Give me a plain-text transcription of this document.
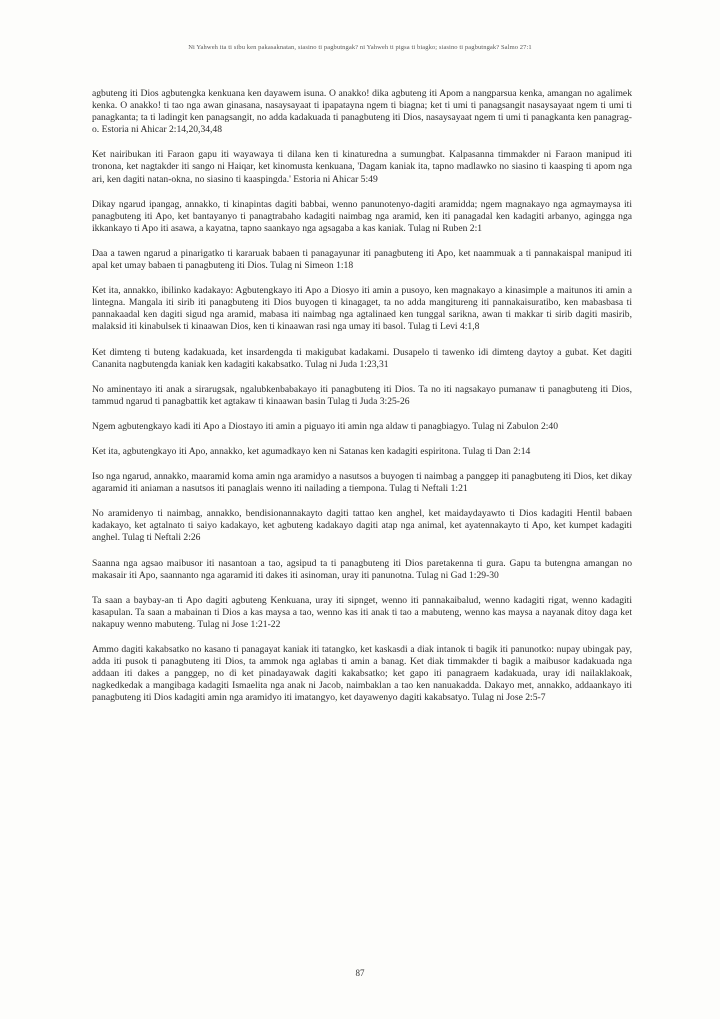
Ni Yahweh ita ti sibu ken pakasaknatan, siasino ti pagbutngak? ni Yahweh ti pigsa ti biagko; siasino ti pagbutngak? Salmo 27:1

agbuteng iti Dios agbutengka kenkuana ken dayawem isuna. O anakko! dika agbuteng iti Apom a nangparsua kenka, amangan no agalimek kenka. O anakko! ti tao nga awan ginasana, nasaysayaat ti ipapatayna ngem ti biagna; ket ti umi ti panagsangit nasaysayaat ngem ti umi ti panagkanta; ta ti ladingit ken panagsangit, no adda kadakuada ti panagbuteng iti Dios, nasaysayaat ngem ti umi ti panagkanta ken panagrag-o. Estoria ni Ahicar 2:14,20,34,48

Ket nairibukan iti Faraon gapu iti wayawaya ti dilana ken ti kinaturedna a sumungbat. Kalpasanna timmakder ni Faraon manipud iti tronona, ket nagtakder iti sango ni Haiqar, ket kinomusta kenkuana, 'Dagam kaniak ita, tapno madlawko no siasino ti kaasping ti apom nga ari, ken dagiti natan-okna, no siasino ti kaaspingda.' Estoria ni Ahicar 5:49

Dikay ngarud ipangag, annakko, ti kinapintas dagiti babbai, wenno panunotenyo-dagiti aramidda; ngem magnakayo nga agmaymaysa iti panagbuteng iti Apo, ket bantayanyo ti panagtrabaho kadagiti naimbag nga aramid, ken iti panagadal ken kadagiti arbanyo, agingga nga ikkankayo ti Apo iti asawa, a kayatna, tapno saankayo nga agsagaba a kas kaniak. Tulag ni Ruben 2:1

Daa a tawen ngarud a pinarigatko ti kararuak babaen ti panagayunar iti panagbuteng iti Apo, ket naammuak a ti pannakaispal manipud iti apal ket umay babaen ti panagbuteng iti Dios. Tulag ni Simeon 1:18

Ket ita, annakko, ibilinko kadakayo: Agbutengkayo iti Apo a Diosyo iti amin a pusoyo, ken magnakayo a kinasimple a maitunos iti amin a lintegna. Mangala iti sirib iti panagbuteng iti Dios buyogen ti kinagaget, ta no adda mangitureng iti pannakaisuratibo, ken mabasbasa ti pannakaadal ken dagiti sigud nga aramid, mabasa iti naimbag nga agtalinaed ken tunggal sarikna, awan ti makkar ti sirib dagiti masirib, malaksid iti kinabulsek ti kinaawan Dios, ken ti kinaawan rasi nga umay iti basol. Tulag ti Levi 4:1,8

Ket dimteng ti buteng kadakuada, ket insardengda ti makigubat kadakami. Dusapelo ti tawenko idi dimteng daytoy a gubat. Ket dagiti Cananita nagbutengda kaniak ken kadagiti kakabsatko. Tulag ni Juda 1:23,31

No aminentayo iti anak a sirarugsak, ngalubkenbabakayo iti panagbuteng iti Dios. Ta no iti nagsakayo pumanaw ti panagbuteng iti Dios, tammud ngarud ti panagbattik ket agtakaw ti kinaawan basin Tulag ti Juda 3:25-26

Ngem agbutengkayo kadi iti Apo a Diostayo iti amin a piguayo iti amin nga aldaw ti panagbiagyo. Tulag ni Zabulon 2:40

Ket ita, agbutengkayo iti Apo, annakko, ket agumadkayo ken ni Satanas ken kadagiti espiritona. Tulag ti Dan 2:14

Iso nga ngarud, annakko, maaramid koma amin nga aramidyo a nasutsos a buyogen ti naimbag a panggep iti panagbuteng iti Dios, ket dikay agaramid iti aniaman a nasutsos iti panaglais wenno iti nailading a tiempona. Tulag ti Neftali 1:21

No aramidenyo ti naimbag, annakko, bendisionannakayto dagiti tattao ken anghel, ket maidaydayawto ti Dios kadagiti Hentil babaen kadakayo, ket agtalnato ti saiyo kadakayo, ket agbuteng kadakayo dagiti atap nga animal, ket ayatennakayto ti Apo, ket kumpet kadagiti anghel. Tulag ti Neftali 2:26

Saanna nga agsao maibusor iti nasantoan a tao, agsipud ta ti panagbuteng iti Dios paretakenna ti gura. Gapu ta butengna amangan no makasair iti Apo, saannanto nga agaramid iti dakes iti asinoman, uray iti panunotna. Tulag ni Gad 1:29-30

Ta saan a baybay-an ti Apo dagiti agbuteng Kenkuana, uray iti sipnget, wenno iti pannakaibalud, wenno kadagiti rigat, wenno kadagiti kasapulan. Ta saan a mabainan ti Dios a kas maysa a tao, wenno kas iti anak ti tao a mabuteng, wenno kas maysa a nayanak ditoy daga ket nakapuy wenno mabuteng. Tulag ni Jose 1:21-22

Ammo dagiti kakabsatko no kasano ti panagayat kaniak iti tatangko, ket kaskasdi a diak intanok ti bagik iti panunotko: nupay ubingak pay, adda iti pusok ti panagbuteng iti Dios, ta ammok nga aglabas ti amin a banag. Ket diak timmakder ti bagik a maibusor kadakuada nga addaan iti dakes a panggep, no di ket pinadayawak dagiti kakabsatko; ket gapo iti panagraem kadakuada, uray idi nailaklakoak, nagkedkedak a mangibaga kadagiti Ismaelita nga anak ni Jacob, naimbaklan a tao ken nanuakadda. Dakayo met, annakko, addaankayo iti panagbuteng iti Dios kadagiti amin nga aramidyo iti imatangyo, ket dayawenyo dagiti kakabsatyo. Tulag ni Jose 2:5-7

87
